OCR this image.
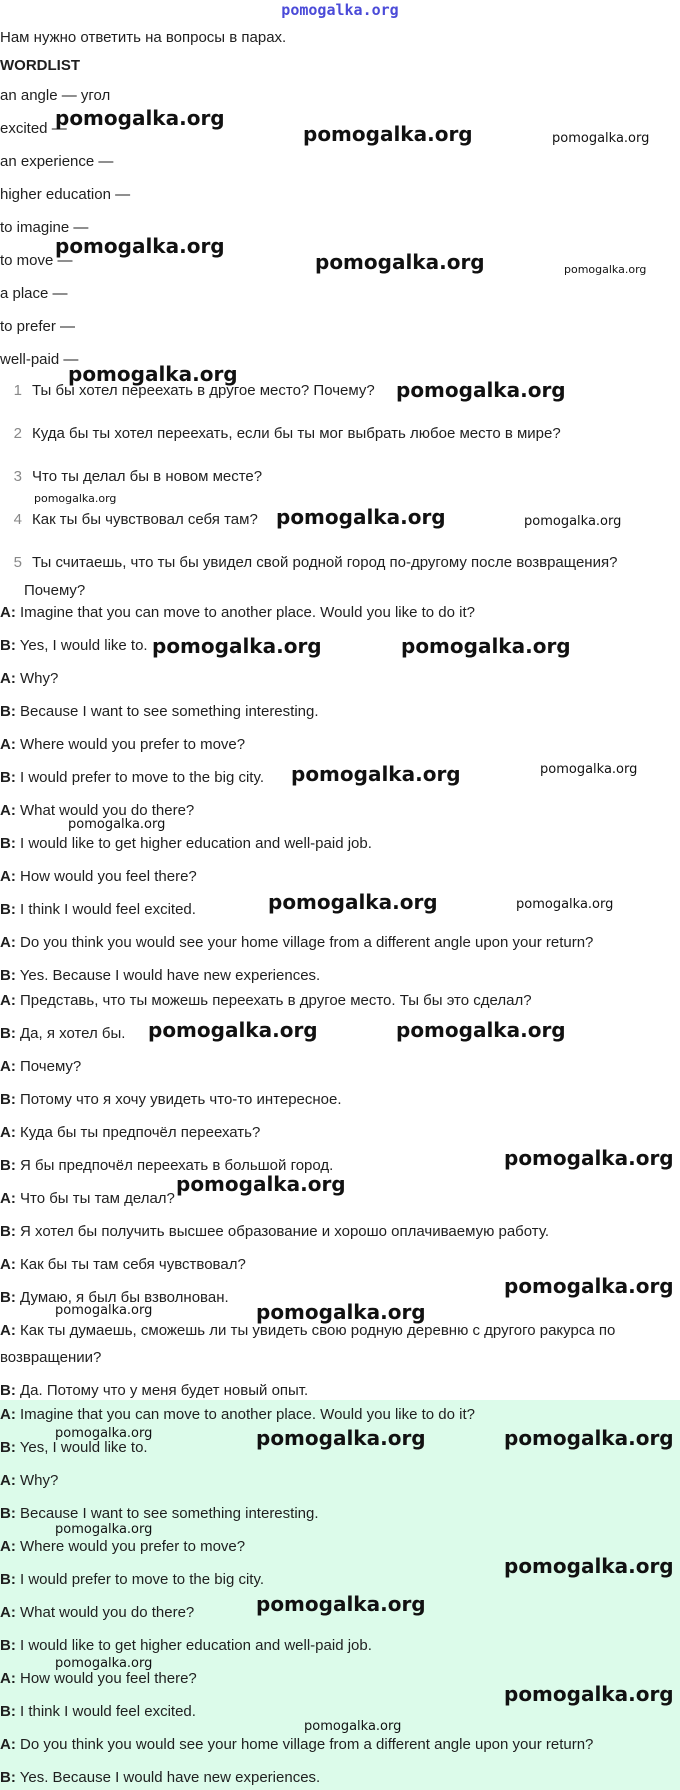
pomogalka.org
Нам нужно ответить на вопросы в парах.
WORDLIST
an angle — угол
excited —
an experience —
higher education —
to imagine —
to move —
a place —
to prefer —
well-paid —
1 Ты бы хотел переехать в другое место? Почему?
2 Куда бы ты хотел переехать, если бы ты мог выбрать любое место в мире?
3 Что ты делал бы в новом месте?
4 Как ты бы чувствовал себя там?
5 Ты считаешь, что ты бы увидел свой родной город по-другому после возвращения?
Почему?
A: Imagine that you can move to another place. Would you like to do it?
B: Yes, I would like to.
A: Why?
B: Because I want to see something interesting.
A: Where would you prefer to move?
B: I would prefer to move to the big city.
A: What would you do there?
B: I would like to get higher education and well-paid job.
A: How would you feel there?
B: I think I would feel excited.
A: Do you think you would see your home village from a different angle upon your return?
B: Yes. Because I would have new experiences.
A: Представь, что ты можешь переехать в другое место. Ты бы это сделал?
B: Да, я хотел бы.
A: Почему?
B: Потому что я хочу увидеть что-то интересное.
A: Куда бы ты предпочёл переехать?
B: Я бы предпочёл переехать в большой город.
A: Что бы ты там делал?
B: Я хотел бы получить высшее образование и хорошо оплачиваемую работу.
A: Как бы ты там себя чувствовал?
B: Думаю, я был бы взволнован.
A: Как ты думаешь, сможешь ли ты увидеть свою родную деревню с другого ракурса по
возвращении?
B: Да. Потому что у меня будет новый опыт.
A: Imagine that you can move to another place. Would you like to do it?
B: Yes, I would like to.
A: Why?
B: Because I want to see something interesting.
A: Where would you prefer to move?
B: I would prefer to move to the big city.
A: What would you do there?
B: I would like to get higher education and well-paid job.
A: How would you feel there?
B: I think I would feel excited.
A: Do you think you would see your home village from a different angle upon your return?
B: Yes. Because I would have new experiences.
pomogalka.org
pomogalka.org	pomogalka.org
pomogalka.org
pomogalka.org	pomogalka.org
pomogalka.org
pomogalka.org
pomogalka.org
pomogalka.org	pomogalka.org
pomogalka.org	pomogalka.org
pomogalka.org	pomogalka.org
pomogalka.org
pomogalka.org	pomogalka.org
pomogalka.org	pomogalka.org
pomogalka.org
pomogalka.org
pomogalka.org
pomogalka.org	pomogalka.org
pomogalka.org	pomogalka.org	pomogalka.org
pomogalka.org
pomogalka.org
pomogalka.org
pomogalka.org
pomogalka.org
pomogalka.org
